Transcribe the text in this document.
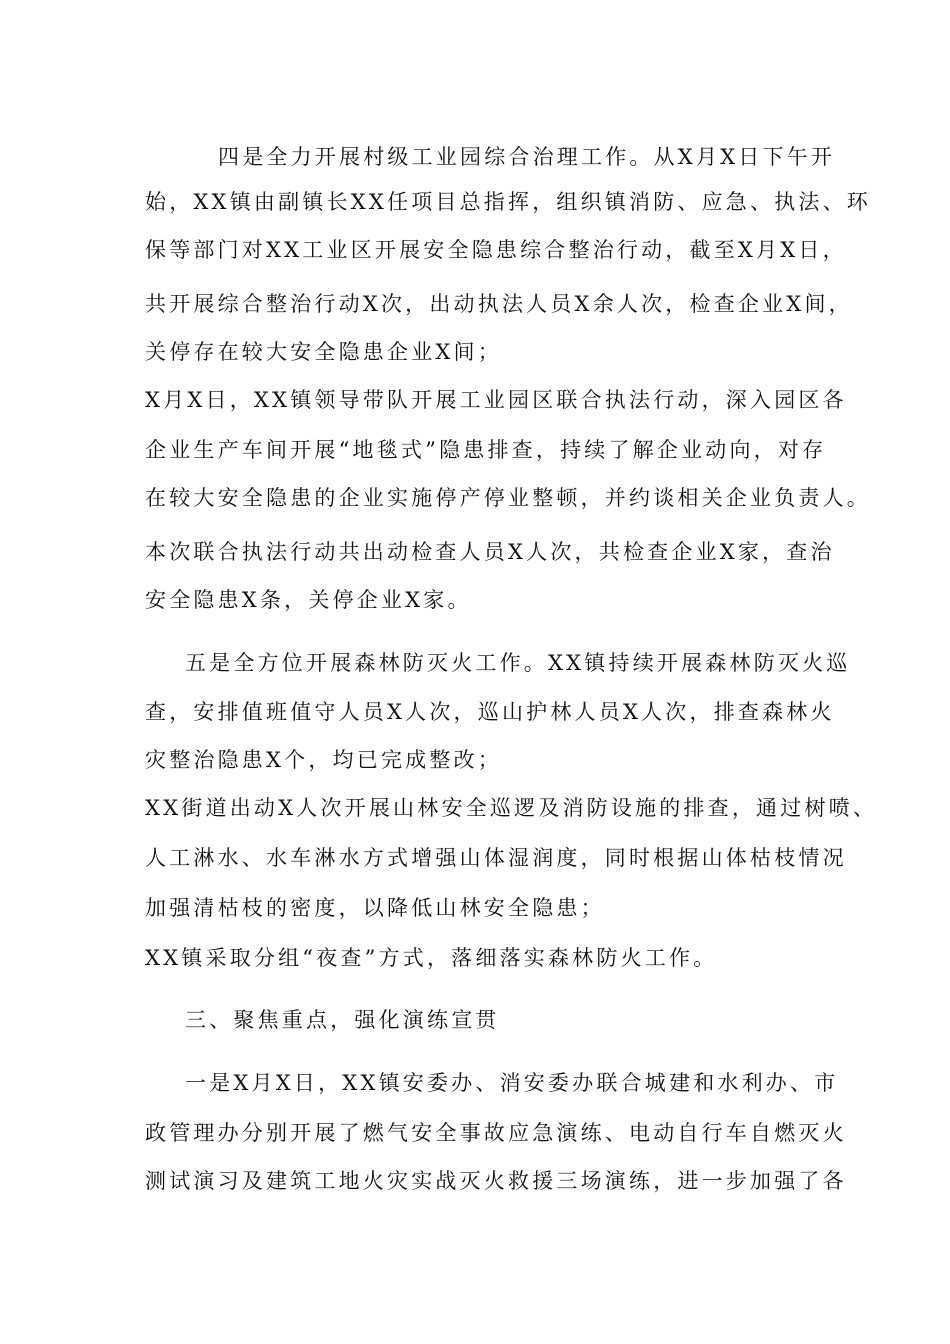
四是全力开展村级工业园综合治理工作。从X月X日下午开

始，XX镇由副镇长XX任项目总指挥，组织镇消防、应急、执法、环

保等部门对XX工业区开展安全隐患综合整治行动，截至X月X日，

共开展综合整治行动X次，出动执法人员X余人次，检查企业X间，

关停存在较大安全隐患企业X间；

X月X日，XX镇领导带队开展工业园区联合执法行动，深入园区各

企业生产车间开展“地毯式”隐患排查，持续了解企业动向，对存

在较大安全隐患的企业实施停产停业整顿，并约谈相关企业负责人。

本次联合执法行动共出动检查人员X人次，共检查企业X家，查治

安全隐患X条，关停企业X家。

五是全方位开展森林防灭火工作。XX镇持续开展森林防灭火巡

查，安排值班值守人员X人次，巡山护林人员X人次，排查森林火

灾整治隐患X个，均已完成整改；

XX街道出动X人次开展山林安全巡逻及消防设施的排查，通过树喷、

人工淋水、水车淋水方式增强山体湿润度，同时根据山体枯枝情况

加强清枯枝的密度，以降低山林安全隐患；

XX镇采取分组“夜查”方式，落细落实森林防火工作。

三、聚焦重点，强化演练宣贯

一是X月X日，XX镇安委办、消安委办联合城建和水利办、市

政管理办分别开展了燃气安全事故应急演练、电动自行车自燃灭火

测试演习及建筑工地火灾实战灭火救援三场演练，进一步加强了各
